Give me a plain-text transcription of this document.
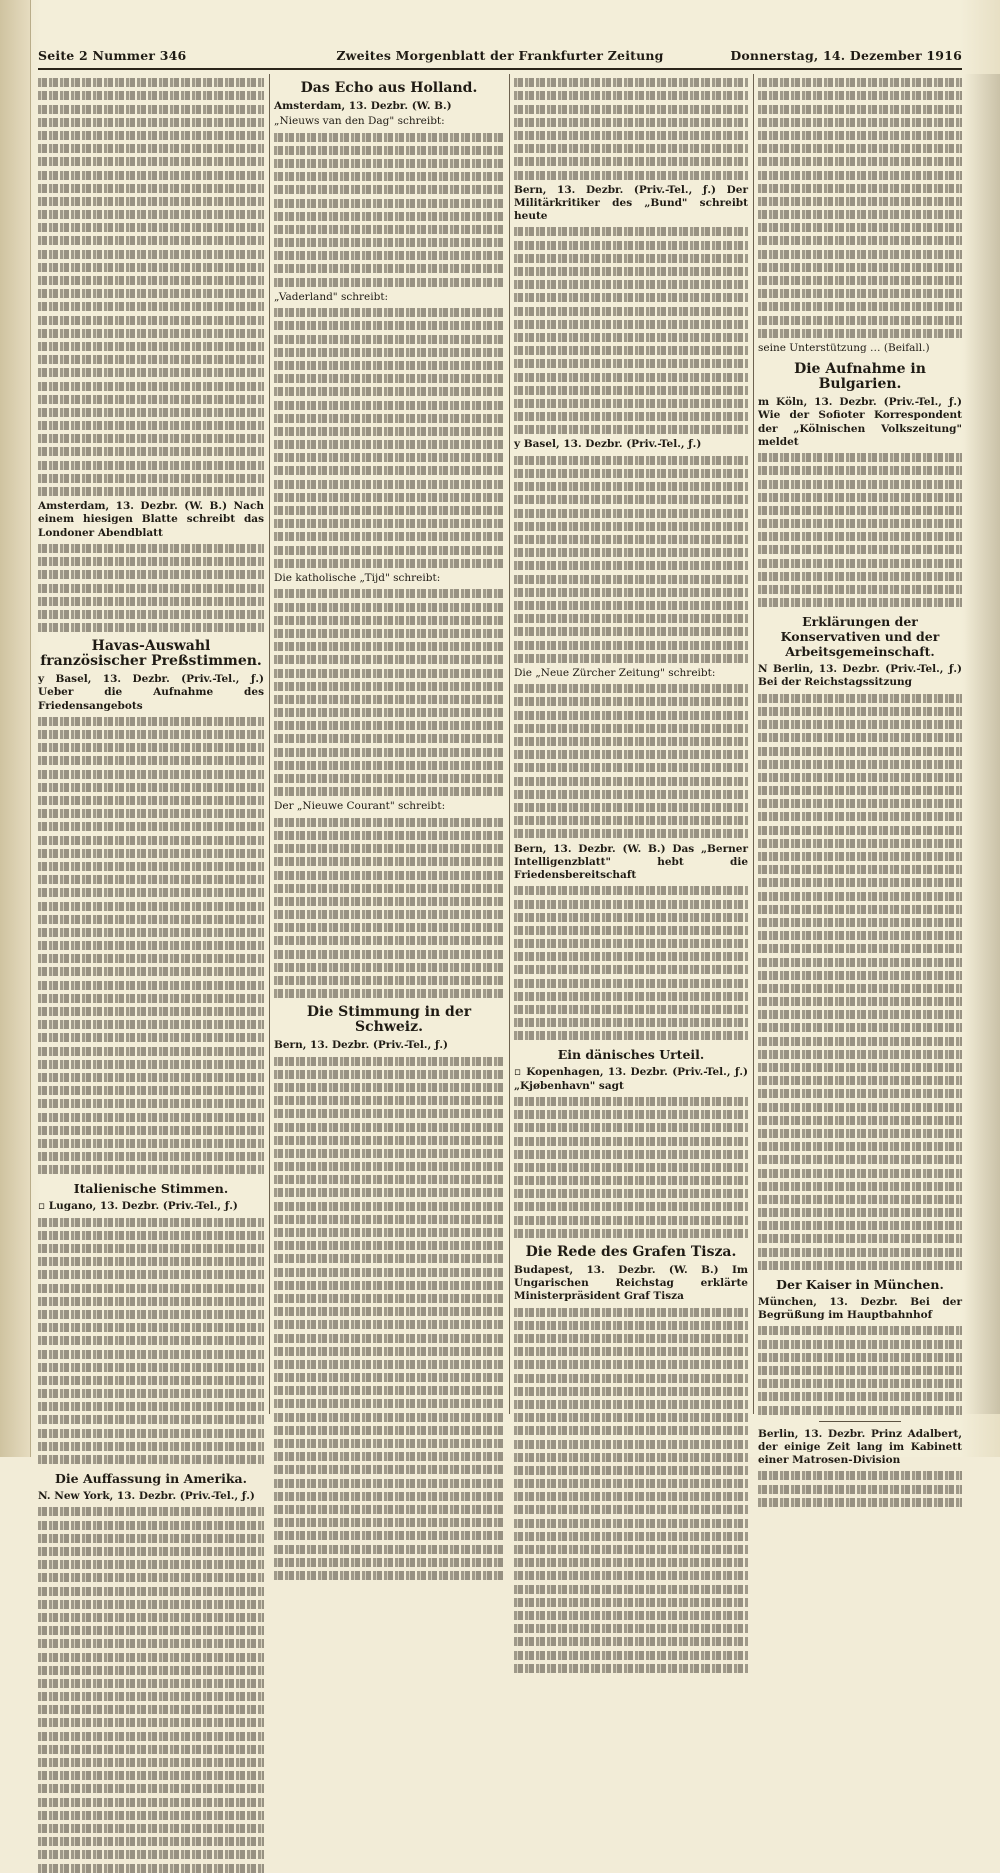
Seite 2 Nummer 346	Zweites Morgenblatt der Frankfurter Zeitung	Donnerstag, 14. Dezember 1916
Amsterdam, 13. Dezbr. (W. B.) Nach einem hiesigen Blatte schreibt das Londoner Abendblatt
Havas-Auswahl französischer Preßstimmen.
y Basel, 13. Dezbr. (Priv.-Tel., ƒ.) Ueber die Aufnahme des Friedensangebots
Italienische Stimmen.
▫ Lugano, 13. Dezbr. (Priv.-Tel., ƒ.)
Die Auffassung in Amerika.
N. New York, 13. Dezbr. (Priv.-Tel., ƒ.)
Das Echo aus Holland.
Amsterdam, 13. Dezbr. (W. B.)
„Nieuws van den Dag" schreibt:
„Vaderland" schreibt:
Die katholische „Tijd" schreibt:
Der „Nieuwe Courant" schreibt:
Die Stimmung in der Schweiz.
Bern, 13. Dezbr. (Priv.-Tel., ƒ.)
Bern, 13. Dezbr. (Priv.-Tel., ƒ.) Der Militärkritiker des „Bund" schreibt heute
y Basel, 13. Dezbr. (Priv.-Tel., ƒ.)
Die „Neue Zürcher Zeitung" schreibt:
Bern, 13. Dezbr. (W. B.) Das „Berner Intelligenzblatt" hebt die Friedensbereitschaft
Ein dänisches Urteil.
▫ Kopenhagen, 13. Dezbr. (Priv.-Tel., ƒ.) „Kjøbenhavn" sagt
Die Rede des Grafen Tisza.
Budapest, 13. Dezbr. (W. B.) Im Ungarischen Reichstag erklärte Ministerpräsident Graf Tisza
seine Unterstützung … (Beifall.)
Die Aufnahme in Bulgarien.
m Köln, 13. Dezbr. (Priv.-Tel., ƒ.) Wie der Sofioter Korrespondent der „Kölnischen Volkszeitung" meldet
Erklärungen der Konservativen und der Arbeitsgemeinschaft.
N Berlin, 13. Dezbr. (Priv.-Tel., ƒ.) Bei der Reichstagssitzung
Der Kaiser in München.
München, 13. Dezbr. Bei der Begrüßung im Hauptbahnhof
Berlin, 13. Dezbr. Prinz Adalbert, der einige Zeit lang im Kabinett einer Matrosen-Division
